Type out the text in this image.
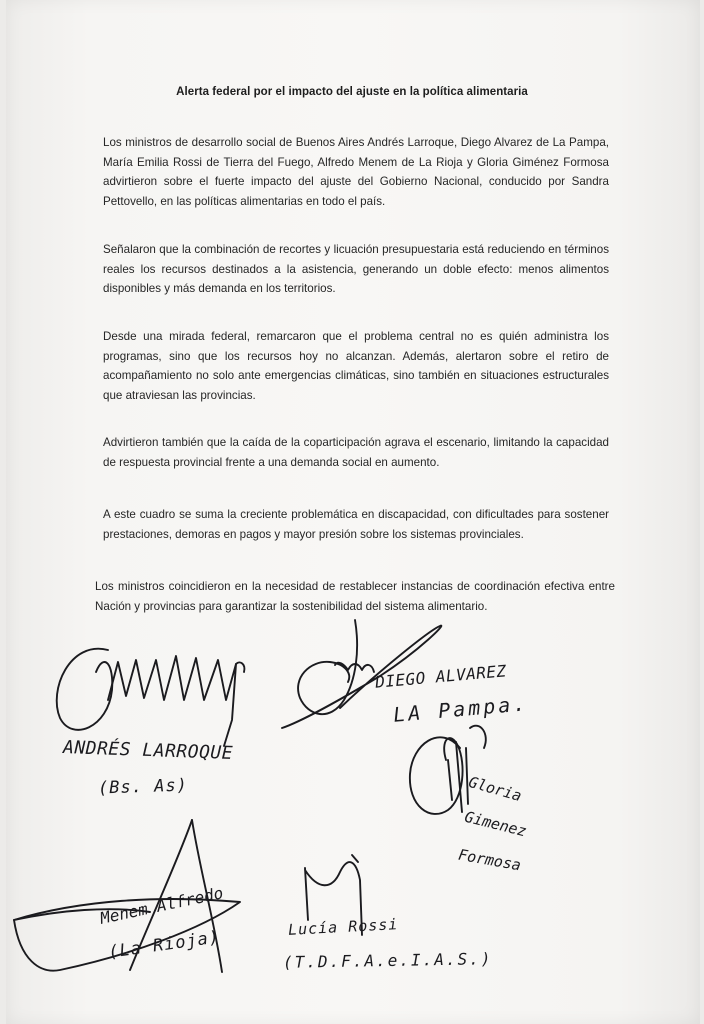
Alerta federal por el impacto del ajuste en la política alimentaria

Los ministros de desarrollo social de Buenos Aires Andrés Larroque, Diego Alvarez de La Pampa, María Emilia Rossi de Tierra del Fuego, Alfredo Menem de La Rioja y Gloria Giménez Formosa advirtieron sobre el fuerte impacto del ajuste del Gobierno Nacional, conducido por Sandra Pettovello, en las políticas alimentarias en todo el país.

Señalaron que la combinación de recortes y licuación presupuestaria está reduciendo en términos reales los recursos destinados a la asistencia, generando un doble efecto: menos alimentos disponibles y más demanda en los territorios.

Desde una mirada federal, remarcaron que el problema central no es quién administra los programas, sino que los recursos hoy no alcanzan. Además, alertaron sobre el retiro de acompañamiento no solo ante emergencias climáticas, sino también en situaciones estructurales que atraviesan las provincias.

Advirtieron también que la caída de la coparticipación agrava el escenario, limitando la capacidad de respuesta provincial frente a una demanda social en aumento.

A este cuadro se suma la creciente problemática en discapacidad, con dificultades para sostener prestaciones, demoras en pagos y mayor presión sobre los sistemas provinciales.

Los ministros coincidieron en la necesidad de restablecer instancias de coordinación efectiva entre Nación y provincias para garantizar la sostenibilidad del sistema alimentario.

ANDRÉS LARROQUE
(Bs. As)
DIEGO ALVAREZ
LA Pampa.
Gloria
Gimenez
Formosa
Menem Alfredo
(La Rioja)
Lucía Rossi
(T.D.F.A.e.I.A.S.)
